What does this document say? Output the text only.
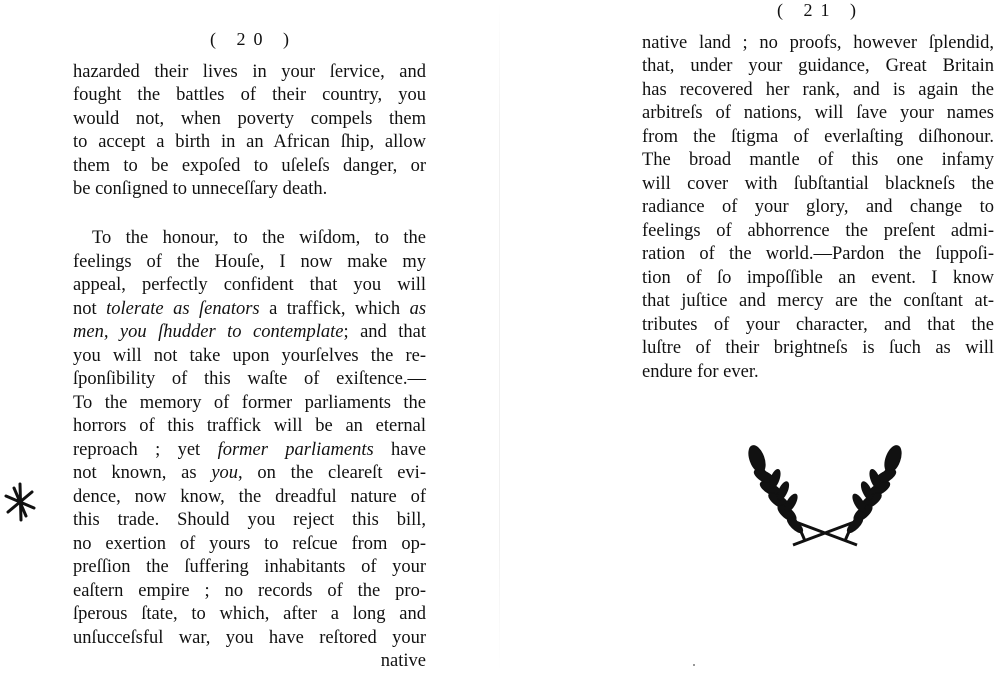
( 20 )
hazarded their lives in your ſervice, and
fought the battles of their country, you
would not, when poverty compels them
to accept a birth in an African ſhip, allow
them to be expoſed to uſeleſs danger, or
be conſigned to unneceſſary death.
To the honour, to the wiſdom, to the
feelings of the Houſe, I now make my
appeal, perfectly confident that you will
not tolerate as ſenators a traffick, which as
men, you ſhudder to contemplate; and that
you will not take upon yourſelves the re-
ſponſibility of this waſte of exiſtence.—
To the memory of former parliaments the
horrors of this traffick will be an eternal
reproach ; yet former parliaments have
not known, as you, on the cleareſt evi-
dence, now know, the dreadful nature of
this trade. Should you reject this bill,
no exertion of yours to reſcue from op-
preſſion the ſuffering inhabitants of your
eaſtern empire ; no records of the pro-
ſperous ſtate, to which, after a long and
unſucceſsful war, you have reſtored your
native
( 21 )
native land ; no proofs, however ſplendid,
that, under your guidance, Great Britain
has recovered her rank, and is again the
arbitreſs of nations, will ſave your names
from the ſtigma of everlaſting diſhonour.
The broad mantle of this one infamy
will cover with ſubſtantial blackneſs the
radiance of your glory, and change to
feelings of abhorrence the preſent admi-
ration of the world.—Pardon the ſuppoſi-
tion of ſo impoſſible an event. I know
that juſtice and mercy are the conſtant at-
tributes of your character, and that the
luſtre of their brightneſs is ſuch as will
endure for ever.
